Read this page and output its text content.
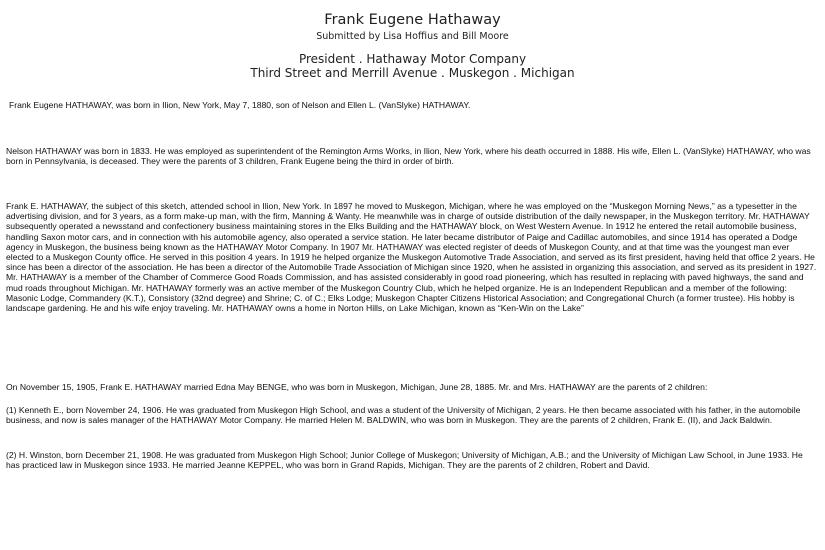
Frank Eugene Hathaway
Submitted by Lisa Hoffius and Bill Moore
President . Hathaway Motor Company
Third Street and Merrill Avenue . Muskegon . Michigan

Frank Eugene HATHAWAY, was born in Ilion, New York, May 7, 1880, son of Nelson and Ellen L. (VanSlyke) HATHAWAY.

Nelson HATHAWAY was born in 1833. He was employed as superintendent of the Remington Arms Works, in Ilion, New York, where his death occurred in 1888. His wife, Ellen L. (VanSlyke) HATHAWAY, who was born in Pennsylvania, is deceased. They were the parents of 3 children, Frank Eugene being the third in order of birth.

Frank E. HATHAWAY, the subject of this sketch, attended school in Ilion, New York. In 1897 he moved to Muskegon, Michigan, where he was employed on the “Muskegon Morning News,” as a typesetter in the advertising division, and for 3 years, as a form make-up man, with the firm, Manning & Wanty. He meanwhile was in charge of outside distribution of the daily newspaper, in the Muskegon territory. Mr. HATHAWAY subsequently operated a newsstand and confectionery business maintaining stores in the Elks Building and the HATHAWAY block, on West Western Avenue. In 1912 he entered the retail automobile business, handling Saxon motor cars, and in connection with his automobile agency, also operated a service station. He later became distributor of Paige and Cadillac automobiles, and since 1914 has operated a Dodge agency in Muskegon, the business being known as the HATHAWAY Motor Company. In 1907 Mr. HATHAWAY was elected register of deeds of Muskegon County, and at that time was the youngest man ever elected to a Muskegon County office. He served in this position 4 years. In 1919 he helped organize the Muskegon Automotive Trade Association, and served as its first president, having held that office 2 years. He since has been a director of the association. He has been a director of the Automobile Trade Association of Michigan since 1920, when he assisted in organizing this association, and served as its president in 1927. Mr. HATHAWAY is a member of the Chamber of Commerce Good Roads Commission, and has assisted considerably in good road pioneering, which has resulted in replacing with paved highways, the sand and mud roads throughout Michigan. Mr. HATHAWAY formerly was an active member of the Muskegon Country Club, which he helped organize. He is an Independent Republican and a member of the following: Masonic Lodge, Commandery (K.T.), Consistory (32nd degree) and Shrine; C. of C.; Elks Lodge; Muskegon Chapter Citizens Historical Association; and Congregational Church (a former trustee). His hobby is landscape gardening. He and his wife enjoy traveling. Mr. HATHAWAY owns a home in Norton Hills, on Lake Michigan, known as “Ken-Win on the Lake”

On November 15, 1905, Frank E. HATHAWAY married Edna May BENGE, who was born in Muskegon, Michigan, June 28, 1885. Mr. and Mrs. HATHAWAY are the parents of 2 children:

(1) Kenneth E., born November 24, 1906. He was graduated from Muskegon High School, and was a student of the University of Michigan, 2 years. He then became associated with his father, in the automobile business, and now is sales manager of the HATHAWAY Motor Company. He married Helen M. BALDWIN, who was born in Muskegon. They are the parents of 2 children, Frank E. (II), and Jack Baldwin.

(2) H. Winston, born December 21, 1908. He was graduated from Muskegon High School; Junior College of Muskegon; University of Michigan, A.B.; and the University of Michigan Law School, in June 1933. He has practiced law in Muskegon since 1933. He married Jeanne KEPPEL, who was born in Grand Rapids, Michigan. They are the parents of 2 children, Robert and David.
